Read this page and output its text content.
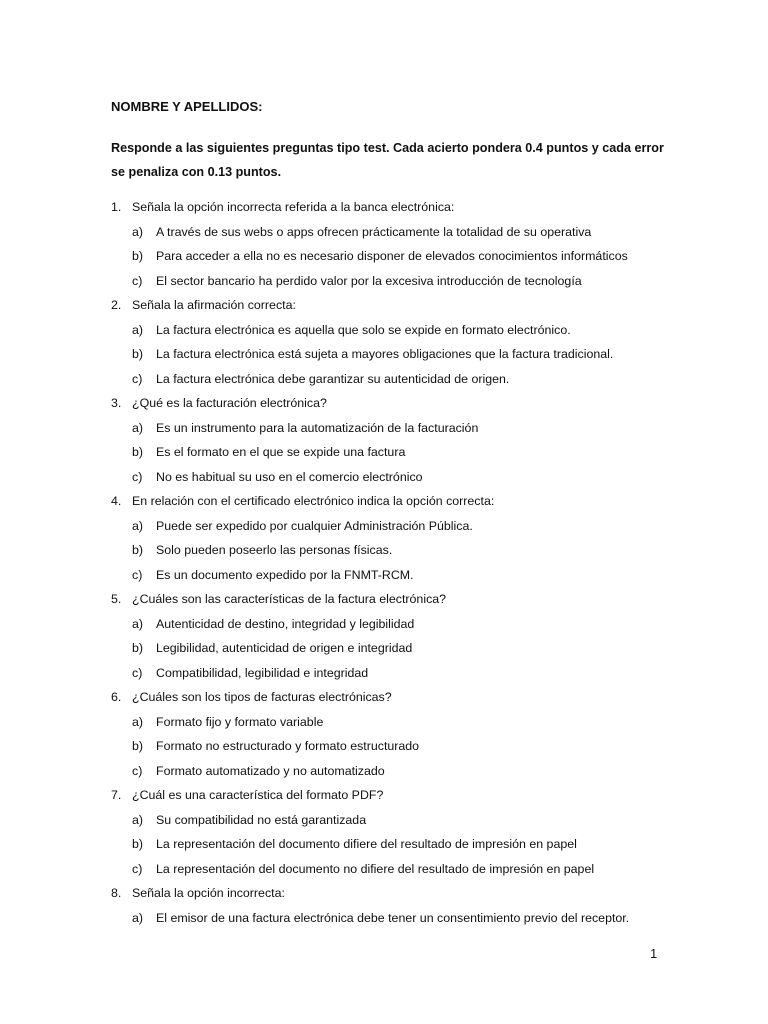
NOMBRE Y APELLIDOS:
Responde a las siguientes preguntas tipo test. Cada acierto pondera 0.4 puntos y cada error
se penaliza con 0.13 puntos.
1. Señala la opción incorrecta referida a la banca electrónica:
a) A través de sus webs o apps ofrecen prácticamente la totalidad de su operativa
b) Para acceder a ella no es necesario disponer de elevados conocimientos informáticos
c) El sector bancario ha perdido valor por la excesiva introducción de tecnología
2. Señala la afirmación correcta:
a) La factura electrónica es aquella que solo se expide en formato electrónico.
b) La factura electrónica está sujeta a mayores obligaciones que la factura tradicional.
c) La factura electrónica debe garantizar su autenticidad de origen.
3. ¿Qué es la facturación electrónica?
a) Es un instrumento para la automatización de la facturación
b) Es el formato en el que se expide una factura
c) No es habitual su uso en el comercio electrónico
4. En relación con el certificado electrónico indica la opción correcta:
a) Puede ser expedido por cualquier Administración Pública.
b) Solo pueden poseerlo las personas físicas.
c) Es un documento expedido por la FNMT-RCM.
5. ¿Cuáles son las características de la factura electrónica?
a) Autenticidad de destino, integridad y legibilidad
b) Legibilidad, autenticidad de origen e integridad
c) Compatibilidad, legibilidad e integridad
6. ¿Cuáles son los tipos de facturas electrónicas?
a) Formato fijo y formato variable
b) Formato no estructurado y formato estructurado
c) Formato automatizado y no automatizado
7. ¿Cuál es una característica del formato PDF?
a) Su compatibilidad no está garantizada
b) La representación del documento difiere del resultado de impresión en papel
c) La representación del documento no difiere del resultado de impresión en papel
8. Señala la opción incorrecta:
a) El emisor de una factura electrónica debe tener un consentimiento previo del receptor.
1
